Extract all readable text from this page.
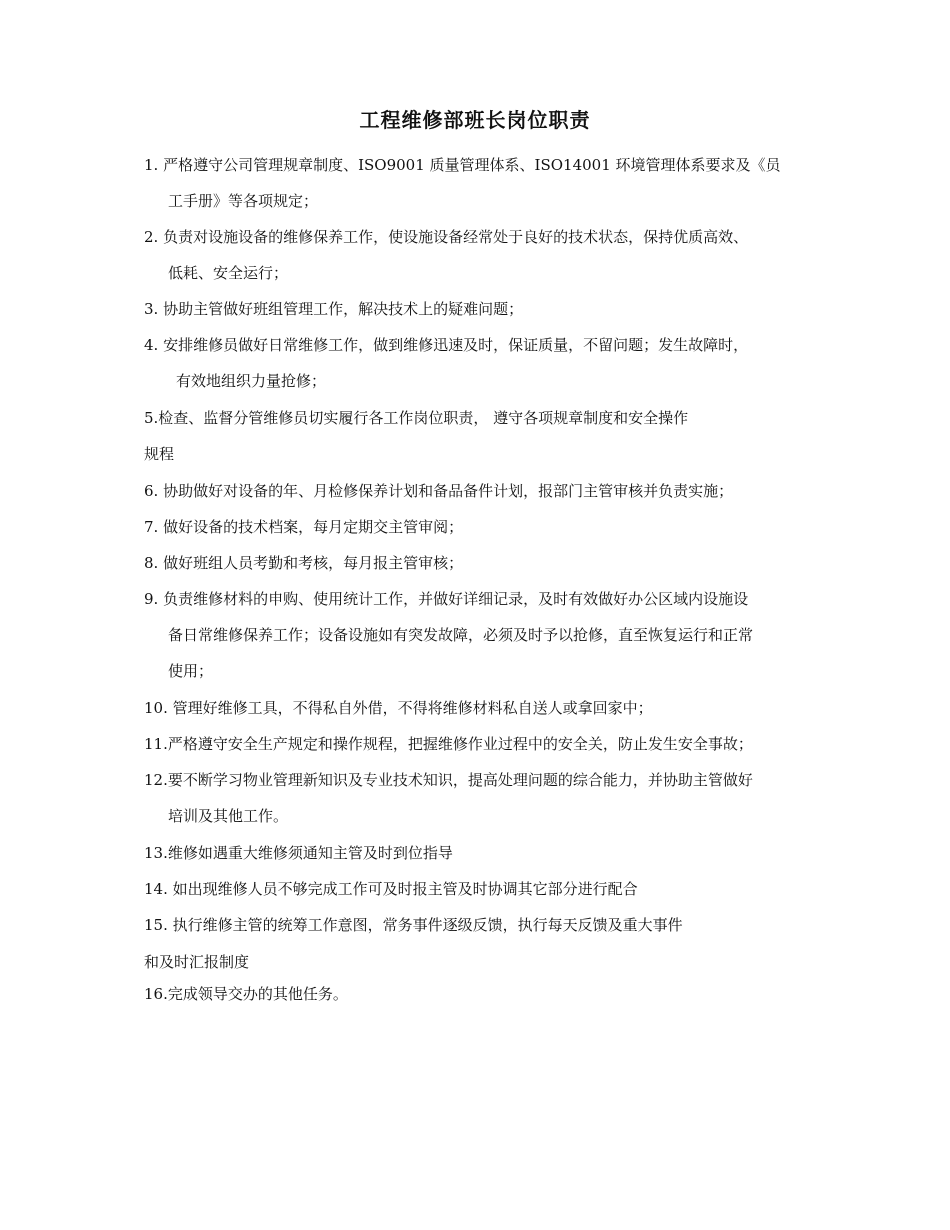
工程维修部班长岗位职责
1. 严格遵守公司管理规章制度、ISO9001 质量管理体系、ISO14001 环境管理体系要求及《员
工手册》等各项规定；
2. 负责对设施设备的维修保养工作，使设施设备经常处于良好的技术状态，保持优质高效、
低耗、安全运行；
3. 协助主管做好班组管理工作，解决技术上的疑难问题；
4. 安排维修员做好日常维修工作，做到维修迅速及时，保证质量，不留问题；发生故障时，
有效地组织力量抢修；
5.检查、监督分管维修员切实履行各工作岗位职责， 遵守各项规章制度和安全操作
规程
6. 协助做好对设备的年、月检修保养计划和备品备件计划，报部门主管审核并负责实施；
7. 做好设备的技术档案，每月定期交主管审阅；
8. 做好班组人员考勤和考核，每月报主管审核；
9. 负责维修材料的申购、使用统计工作，并做好详细记录，及时有效做好办公区域内设施设
备日常维修保养工作；设备设施如有突发故障，必须及时予以抢修，直至恢复运行和正常
使用；
10. 管理好维修工具，不得私自外借，不得将维修材料私自送人或拿回家中；
11.严格遵守安全生产规定和操作规程，把握维修作业过程中的安全关，防止发生安全事故；
12.要不断学习物业管理新知识及专业技术知识，提高处理问题的综合能力，并协助主管做好
培训及其他工作。
13.维修如遇重大维修须通知主管及时到位指导
14. 如出现维修人员不够完成工作可及时报主管及时协调其它部分进行配合
15. 执行维修主管的统筹工作意图，常务事件逐级反馈，执行每天反馈及重大事件
和及时汇报制度
16.完成领导交办的其他任务。
